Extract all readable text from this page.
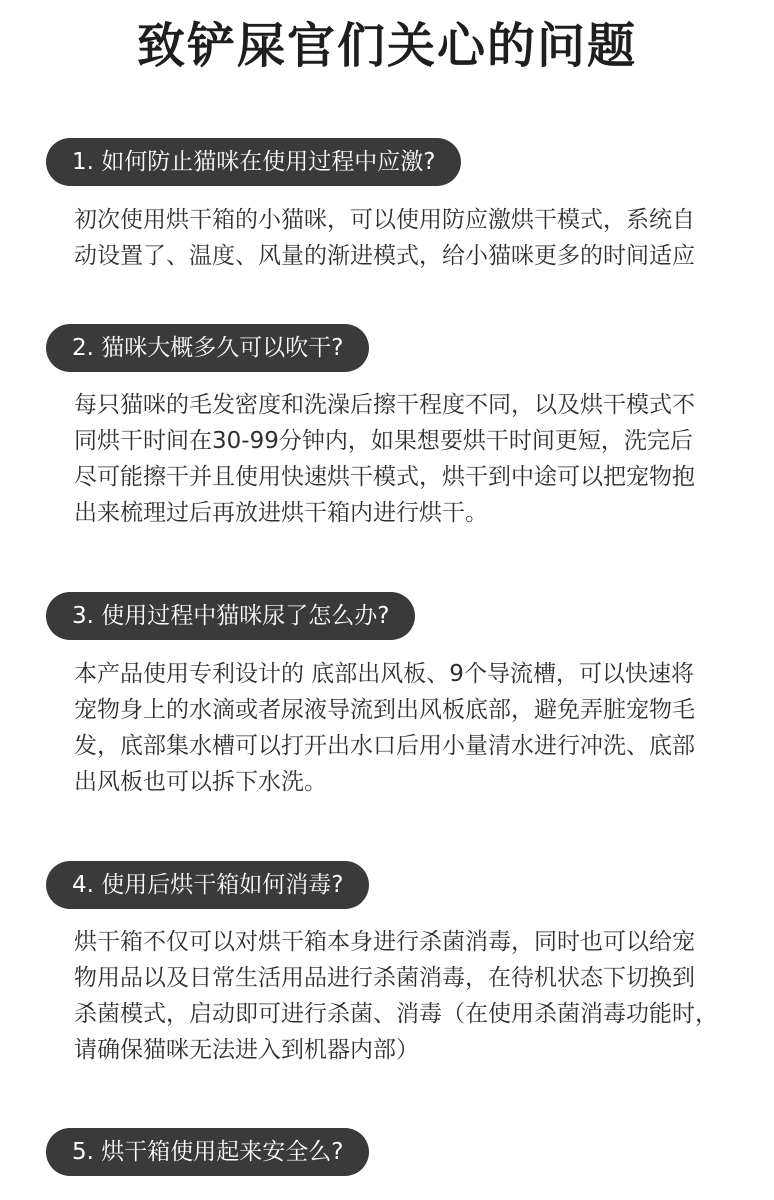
致铲屎官们关心的问题
1. 如何防止猫咪在使用过程中应激?
初次使用烘干箱的小猫咪，可以使用防应激烘干模式，系统自
动设置了、温度、风量的渐进模式，给小猫咪更多的时间适应
2. 猫咪大概多久可以吹干?
每只猫咪的毛发密度和洗澡后擦干程度不同，以及烘干模式不
同烘干时间在30-99分钟内，如果想要烘干时间更短，洗完后
尽可能擦干并且使用快速烘干模式，烘干到中途可以把宠物抱
出来梳理过后再放进烘干箱内进行烘干。
3. 使用过程中猫咪尿了怎么办?
本产品使用专利设计的 底部出风板、9个导流槽，可以快速将
宠物身上的水滴或者尿液导流到出风板底部，避免弄脏宠物毛
发，底部集水槽可以打开出水口后用小量清水进行冲洗、底部
出风板也可以拆下水洗。
4. 使用后烘干箱如何消毒?
烘干箱不仅可以对烘干箱本身进行杀菌消毒，同时也可以给宠
物用品以及日常生活用品进行杀菌消毒，在待机状态下切换到
杀菌模式，启动即可进行杀菌、消毒（在使用杀菌消毒功能时，
请确保猫咪无法进入到机器内部）
5. 烘干箱使用起来安全么?
